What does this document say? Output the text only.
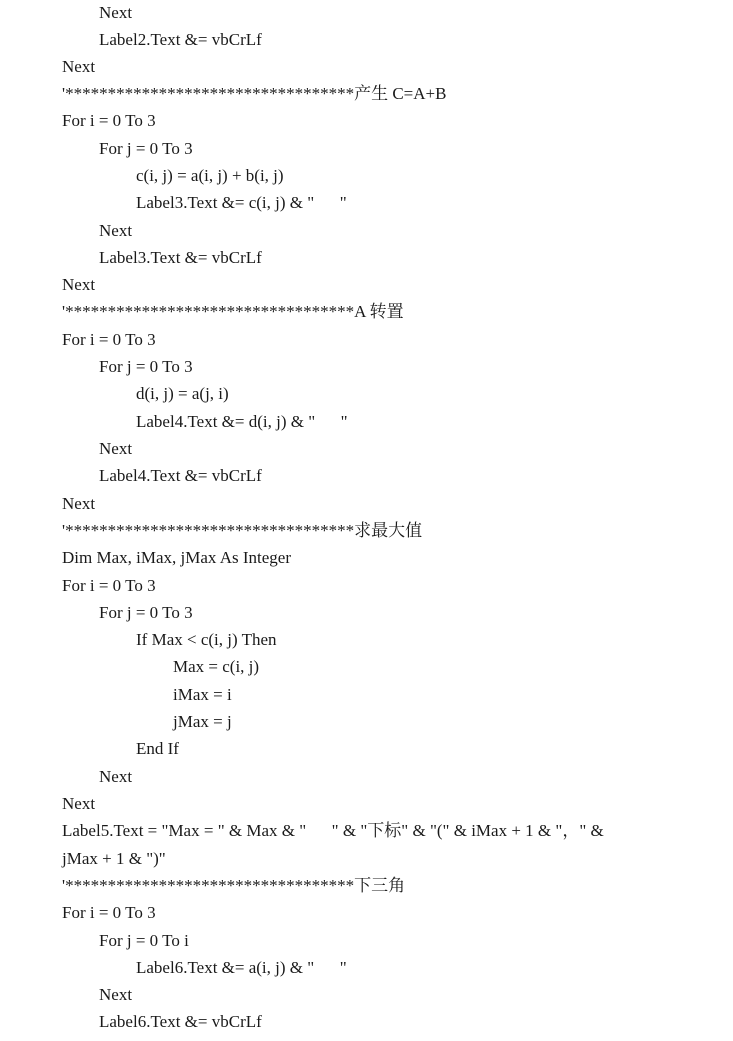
Next
Label2.Text &= vbCrLf
Next
'**********************************产生 C=A+B
For i = 0 To 3
For j = 0 To 3
c(i, j) = a(i, j) + b(i, j)
Label3.Text &= c(i, j) & "      "
Next
Label3.Text &= vbCrLf
Next
'**********************************A 转置
For i = 0 To 3
For j = 0 To 3
d(i, j) = a(j, i)
Label4.Text &= d(i, j) & "      "
Next
Label4.Text &= vbCrLf
Next
'**********************************求最大值
Dim Max, iMax, jMax As Integer
For i = 0 To 3
For j = 0 To 3
If Max < c(i, j) Then
Max = c(i, j)
iMax = i
jMax = j
End If
Next
Next
Label5.Text = "Max = " & Max & "      " & "下标" & "(" & iMax + 1 & "，" &
jMax + 1 & ")"
'**********************************下三角
For i = 0 To 3
For j = 0 To i
Label6.Text &= a(i, j) & "      "
Next
Label6.Text &= vbCrLf
